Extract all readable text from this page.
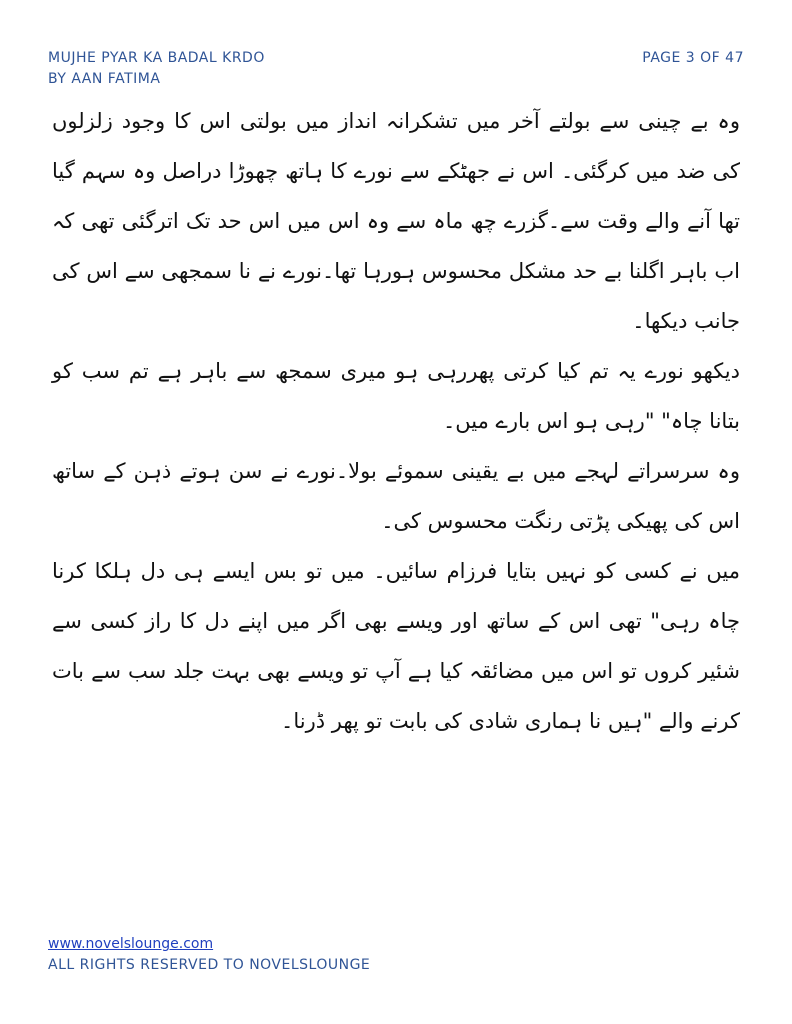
MUJHE PYAR KA BADAL KRDO
BY AAN FATIMA
PAGE 3 OF 47

وہ بے چینی سے بولتے آخر میں تشکرانہ انداز میں بولتی اس کا وجود زلزلوں کی ضد میں کرگئی۔ اس نے جھٹکے سے نورے کا ہاتھ چھوڑا دراصل وہ سہم گیا تھا آنے والے وقت سے۔گزرے چھ ماہ سے وہ اس میں اس حد تک اترگئی تھی کہ اب باہر اگلنا بے حد مشکل محسوس ہورہا تھا۔نورے نے نا سمجھی سے اس کی جانب دیکھا۔

دیکھو نورے یہ تم کیا کرتی پھررہی ہو میری سمجھ سے باہر ہے تم سب کو بتانا چاہ" "رہی ہو اس بارے میں۔

وہ سرسراتے لہجے میں بے یقینی سموئے بولا۔نورے نے سن ہوتے ذہن کے ساتھ اس کی پھیکی پڑتی رنگت محسوس کی۔

میں نے کسی کو نہیں بتایا فرزام سائیں۔ میں تو بس ایسے ہی دل ہلکا کرنا چاہ رہی" تھی اس کے ساتھ اور ویسے بھی اگر میں اپنے دل کا راز کسی سے شئیر کروں تو اس میں مضائقہ کیا ہے آپ تو ویسے بھی بہت جلد سب سے بات کرنے والے "ہیں نا ہماری شادی کی بابت تو پھر ڈرنا۔

www.novelslounge.com
ALL RIGHTS RESERVED TO NOVELSLOUNGE
